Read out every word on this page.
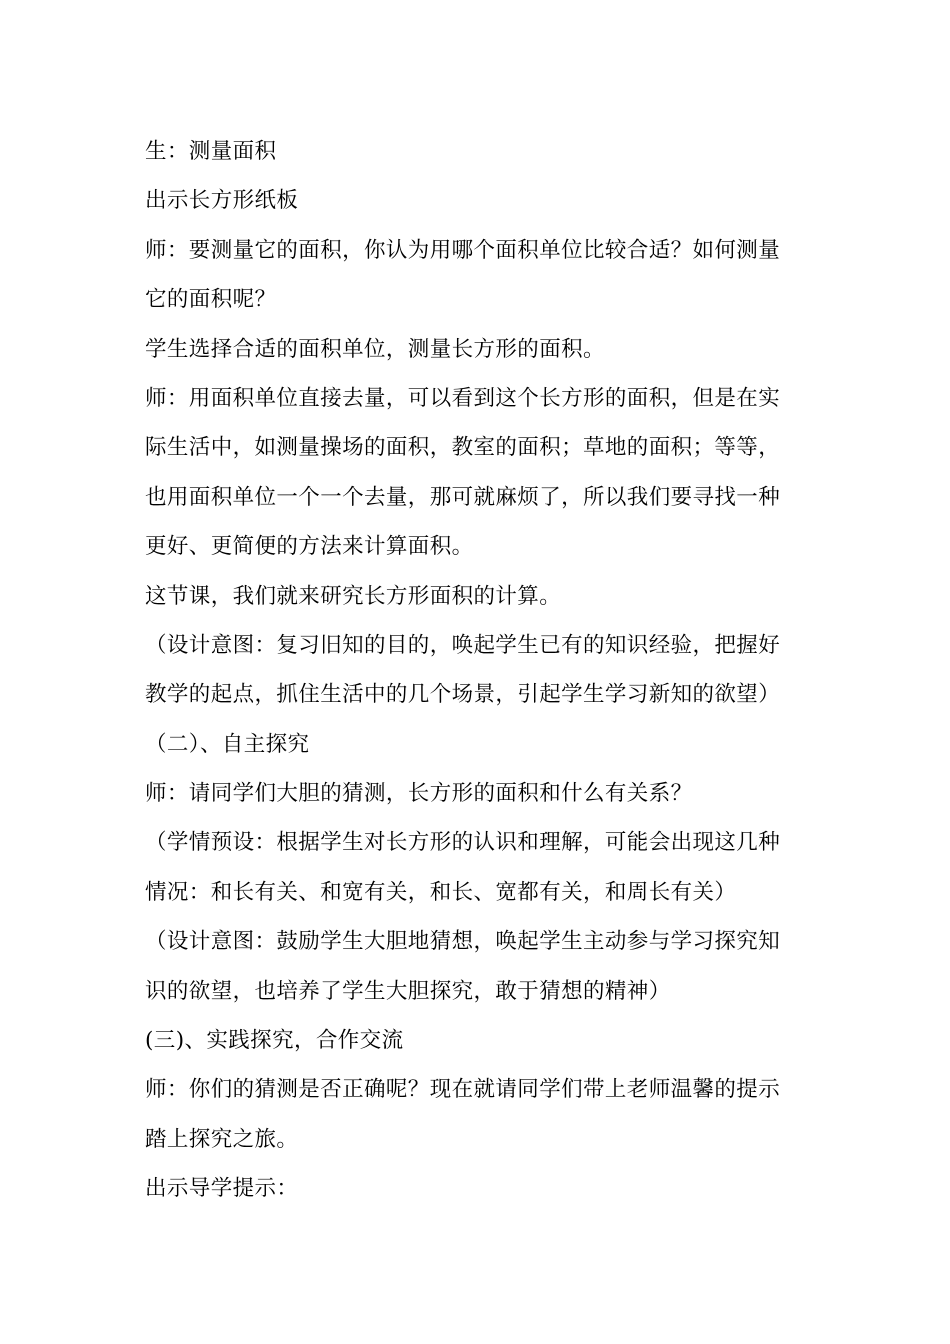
生：测量面积
出示长方形纸板
师：要测量它的面积，你认为用哪个面积单位比较合适？如何测量
它的面积呢？
学生选择合适的面积单位，测量长方形的面积。
师：用面积单位直接去量，可以看到这个长方形的面积，但是在实
际生活中，如测量操场的面积，教室的面积；草地的面积；等等，
也用面积单位一个一个去量，那可就麻烦了，所以我们要寻找一种
更好、更简便的方法来计算面积。
这节课，我们就来研究长方形面积的计算。
（设计意图：复习旧知的目的，唤起学生已有的知识经验，把握好
教学的起点，抓住生活中的几个场景，引起学生学习新知的欲望）
（二）、自主探究
师：请同学们大胆的猜测，长方形的面积和什么有关系？
（学情预设：根据学生对长方形的认识和理解，可能会出现这几种
情况：和长有关、和宽有关，和长、宽都有关，和周长有关）
（设计意图：鼓励学生大胆地猜想，唤起学生主动参与学习探究知
识的欲望，也培养了学生大胆探究，敢于猜想的精神）
(三)、实践探究，合作交流
师：你们的猜测是否正确呢？现在就请同学们带上老师温馨的提示
踏上探究之旅。
出示导学提示：
